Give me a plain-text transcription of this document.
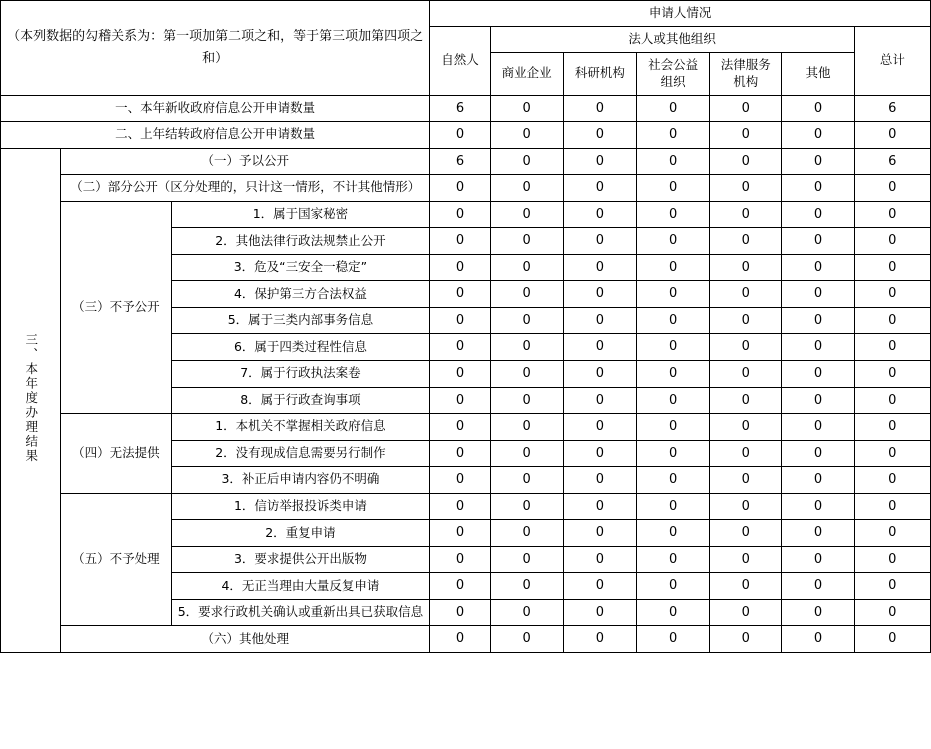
（本列数据的勾稽关系为：第一项加第二项之和，等于第三项加第四项之和）			申请人情况						
			自然人	法人或其他组织					总计
				商业企业	科研机构	社会公益组织	法律服务机构	其他	
一、本年新收政府信息公开申请数量			6	0	0	0	0	0	6
二、上年结转政府信息公开申请数量			0	0	0	0	0	0	0
三、本年度办理结果	（一）予以公开		6	0	0	0	0	0	6
	（二）部分公开（区分处理的，只计这一情形，不计其他情形）		0	0	0	0	0	0	0
	（三）不予公开	1．属于国家秘密	0	0	0	0	0	0	0
		2．其他法律行政法规禁止公开	0	0	0	0	0	0	0
		3．危及“三安全一稳定”	0	0	0	0	0	0	0
		4．保护第三方合法权益	0	0	0	0	0	0	0
		5．属于三类内部事务信息	0	0	0	0	0	0	0
		6．属于四类过程性信息	0	0	0	0	0	0	0
		7．属于行政执法案卷	0	0	0	0	0	0	0
		8．属于行政查询事项	0	0	0	0	0	0	0
	（四）无法提供	1．本机关不掌握相关政府信息	0	0	0	0	0	0	0
		2．没有现成信息需要另行制作	0	0	0	0	0	0	0
		3．补正后申请内容仍不明确	0	0	0	0	0	0	0
	（五）不予处理	1．信访举报投诉类申请	0	0	0	0	0	0	0
		2．重复申请	0	0	0	0	0	0	0
		3．要求提供公开出版物	0	0	0	0	0	0	0
		4．无正当理由大量反复申请	0	0	0	0	0	0	0
		5．要求行政机关确认或重新出具已获取信息	0	0	0	0	0	0	0
	（六）其他处理		0	0	0	0	0	0	0
